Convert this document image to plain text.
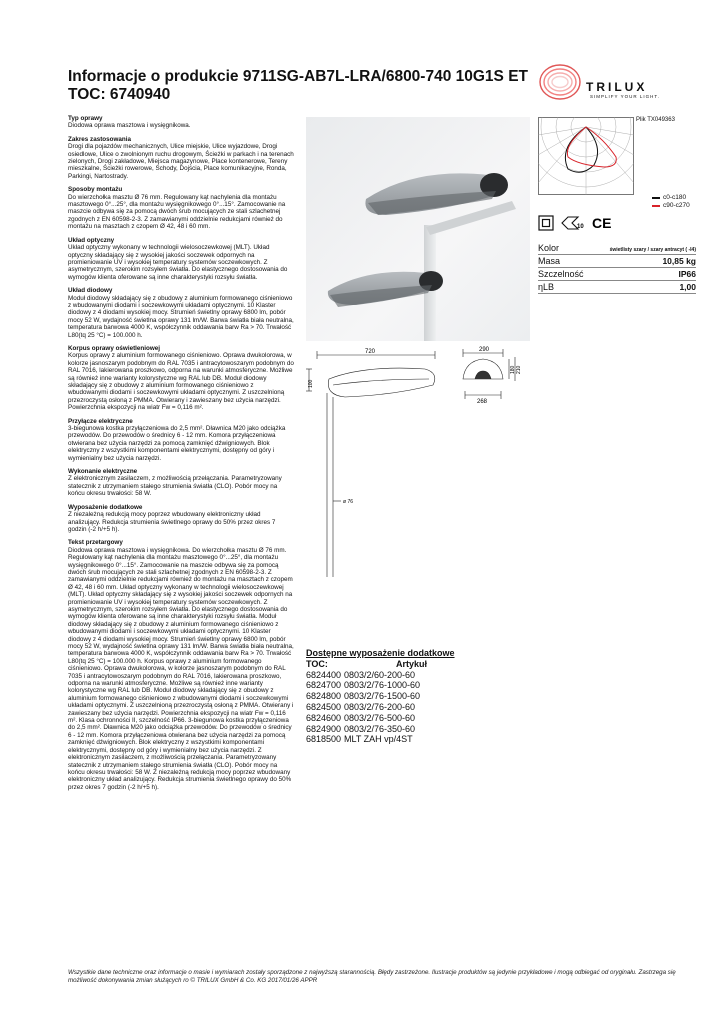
Informacje o produkcie 9711SG-AB7L-LRA/6800-740 10G1S ET
TOC: 6740940	TRILUX
SIMPLIFY YOUR LIGHT.
Typ oprawy
Diodowa oprawa masztowa i wysięgnikowa.
Zakres zastosowania
Drogi dla pojazdów mechanicznych, Ulice miejskie, Ulice wyjazdowe, Drogi osiedlowe, Ulice o zwolnionym ruchu drogowym, Ścieżki w parkach i na terenach zielonych, Drogi zakładowe, Miejsca magazynowe, Place kontenerowe, Tereny mieszkalne, Ścieżki rowerowe, Schody, Dojścia, Place komunikacyjne, Ronda, Parkingi, Nartostrady.
Sposoby montażu
Do wierzchołka masztu Ø 76 mm. Regulowany kąt nachylenia dla montażu masztowego 0°...25°, dla montażu wysięgnikowego 0°...15°. Zamocowanie na maszcie odbywa się za pomocą dwóch śrub mocujących ze stali szlachetnej zgodnych z EN 60598-2-3. Z zamawianymi oddzielnie redukcjami również do montażu na masztach z czopem Ø 42, 48 i 60 mm.
Układ optyczny
Układ optyczny wykonany w technologii wielosoczewkowej (MLT). Układ optyczny składający się z wysokiej jakości soczewek odpornych na promieniowanie UV i wysokiej temperatury systemów soczewkowych. Z asymetrycznym, szerokim rozsyłem światła. Do elastycznego dostosowania do wymogów klienta oferowane są inne charakterystyki rozsyłu światła.
Układ diodowy
Moduł diodowy składający się z obudowy z aluminium formowanego ciśnieniowo z wbudowanymi diodami i soczewkowymi układami optycznymi. 10 Klaster diodowy z 4 diodami wysokiej mocy. Strumień świetlny oprawy 6800 lm, pobór mocy 52 W, wydajność świetlna oprawy 131 lm/W. Barwa światła biała neutralna, temperatura barwowa 4000 K, współczynnik oddawania barw Ra > 70. Trwałość L80(tq 25 °C) = 100.000 h.
Korpus oprawy oświetleniowej
Korpus oprawy z aluminium formowanego ciśnieniowo. Oprawa dwukolorowa, w kolorze jasnoszarym podobnym do RAL 7035 i antracytowoszarym podobnym do RAL 7016, lakierowana proszkowo, odporna na warunki atmosferyczne. Możliwe są również inne warianty kolorystyczne wg RAL lub DB. Moduł diodowy składający się z obudowy z aluminium formowanego ciśnieniowo z wbudowanymi diodami i soczewkowymi układami optycznymi. Z uszczelnioną przezroczystą osłoną z PMMA. Otwierany i zawieszany bez użycia narzędzi. Powierzchnia ekspozycji na wiatr Fw = 0,116 m².
Przyłącze elektryczne
3-biegunowa kostka przyłączeniowa do 2,5 mm². Dławnica M20 jako odciążka przewodów. Do przewodów o średnicy 6 - 12 mm. Komora przyłączeniowa otwierana bez użycia narzędzi za pomocą zamknięć dźwigniowych. Blok elektryczny z wszystkimi komponentami elektrycznymi, dostępny od góry i wymienialny bez użycia narzędzi.
Wykonanie elektryczne
Z elektronicznym zasilaczem, z możliwością przełączania. Parametryzowany statecznik z utrzymaniem stałego strumienia światła (CLO). Pobór mocy na końcu okresu trwałości: 58 W.
Wyposażenie dodatkowe
Z niezależną redukcją mocy poprzez wbudowany elektroniczny układ analizujący. Redukcja strumienia świetlnego oprawy do 50% przez okres 7 godzin (-2 h/+5 h).
Tekst przetargowy
Diodowa oprawa masztowa i wysięgnikowa. Do wierzchołka masztu Ø 76 mm. Regulowany kąt nachylenia dla montażu masztowego 0°...25°, dla montażu wysięgnikowego 0°...15°. Zamocowanie na maszcie odbywa się za pomocą dwóch śrub mocujących ze stali szlachetnej zgodnych z EN 60598-2-3. Z zamawianymi oddzielnie redukcjami również do montażu na masztach z czopem Ø 42, 48 i 60 mm. Układ optyczny wykonany w technologii wielosoczewkowej (MLT). Układ optyczny składający się z wysokiej jakości soczewek odpornych na promieniowanie UV i wysokiej temperatury systemów soczewkowych. Z asymetrycznym, szerokim rozsyłem światła. Do elastycznego dostosowania do wymogów klienta oferowane są inne charakterystyki rozsyłu światła. Moduł diodowy składający się z obudowy z aluminium formowanego ciśnieniowo z wbudowanymi diodami i soczewkowymi układami optycznymi. 10 Klaster diodowy z 4 diodami wysokiej mocy. Strumień świetlny oprawy 6800 lm, pobór mocy 52 W, wydajność świetlna oprawy 131 lm/W. Barwa światła biała neutralna, temperatura barwowa 4000 K, współczynnik oddawania barw Ra > 70. Trwałość L80(tq 25 °C) = 100.000 h. Korpus oprawy z aluminium formowanego ciśnieniowo. Oprawa dwukolorowa, w kolorze jasnoszarym podobnym do RAL 7035 i antracytowoszarym podobnym do RAL 7016, lakierowana proszkowo, odporna na warunki atmosferyczne. Możliwe są również inne warianty kolorystyczne wg RAL lub DB. Moduł diodowy składający się z obudowy z aluminium formowanego ciśnieniowo z wbudowanymi diodami i soczewkowymi układami optycznymi. Z uszczelnioną przezroczystą osłoną z PMMA. Otwierany i zawieszany bez użycia narzędzi. Powierzchnia ekspozycji na wiatr Fw = 0,116 m². Klasa ochronności II, szczelność IP66. 3-biegunowa kostka przyłączeniowa do 2,5 mm². Dławnica M20 jako odciążka przewodów. Do przewodów o średnicy 6 - 12 mm. Komora przyłączeniowa otwierana bez użycia narzędzi za pomocą zamknięć dźwigniowych. Blok elektryczny z wszystkimi komponentami elektrycznymi, dostępny od góry i wymienialny bez użycia narzędzi. Z elektronicznym zasilaczem, z możliwością przełączania. Parametryzowany statecznik z utrzymaniem stałego strumienia światła (CLO). Pobór mocy na końcu okresu trwałości: 58 W. Z niezależną redukcją mocy poprzez wbudowany elektroniczny układ analizujący. Redukcja strumienia świetlnego oprawy do 50% przez okres 7 godzin (-2 h/+5 h).
Plik TX049363
c0-c180
c90-c270
10 CE
Kolor	świetlisty szary / szary antracyt ( -I4)
Masa	10,85 kg
Szczelność	IP66
ηLB	1,00
720
100
ø 76
290
268
180 210
Dostępne wyposażenie dodatkowe
TOC:	Artykuł
6824400 0803/2/60-200-60
6824700 0803/2/76-1000-60
6824800 0803/2/76-1500-60
6824500 0803/2/76-200-60
6824600 0803/2/76-500-60
6824900 0803/2/76-350-60
6818500 MLT ZAH vp/4ST
Wszystkie dane techniczne oraz informacje o masie i wymiarach zostały sporządzone z najwyższą starannością. Błędy zastrzeżone. Ilustracje produktów są jedynie przykładowe i mogą odbiegać od oryginału. Zastrzega się możliwość dokonywania zmian służących ro © TRILUX GmbH & Co. KG 2017/01/26 APPR
